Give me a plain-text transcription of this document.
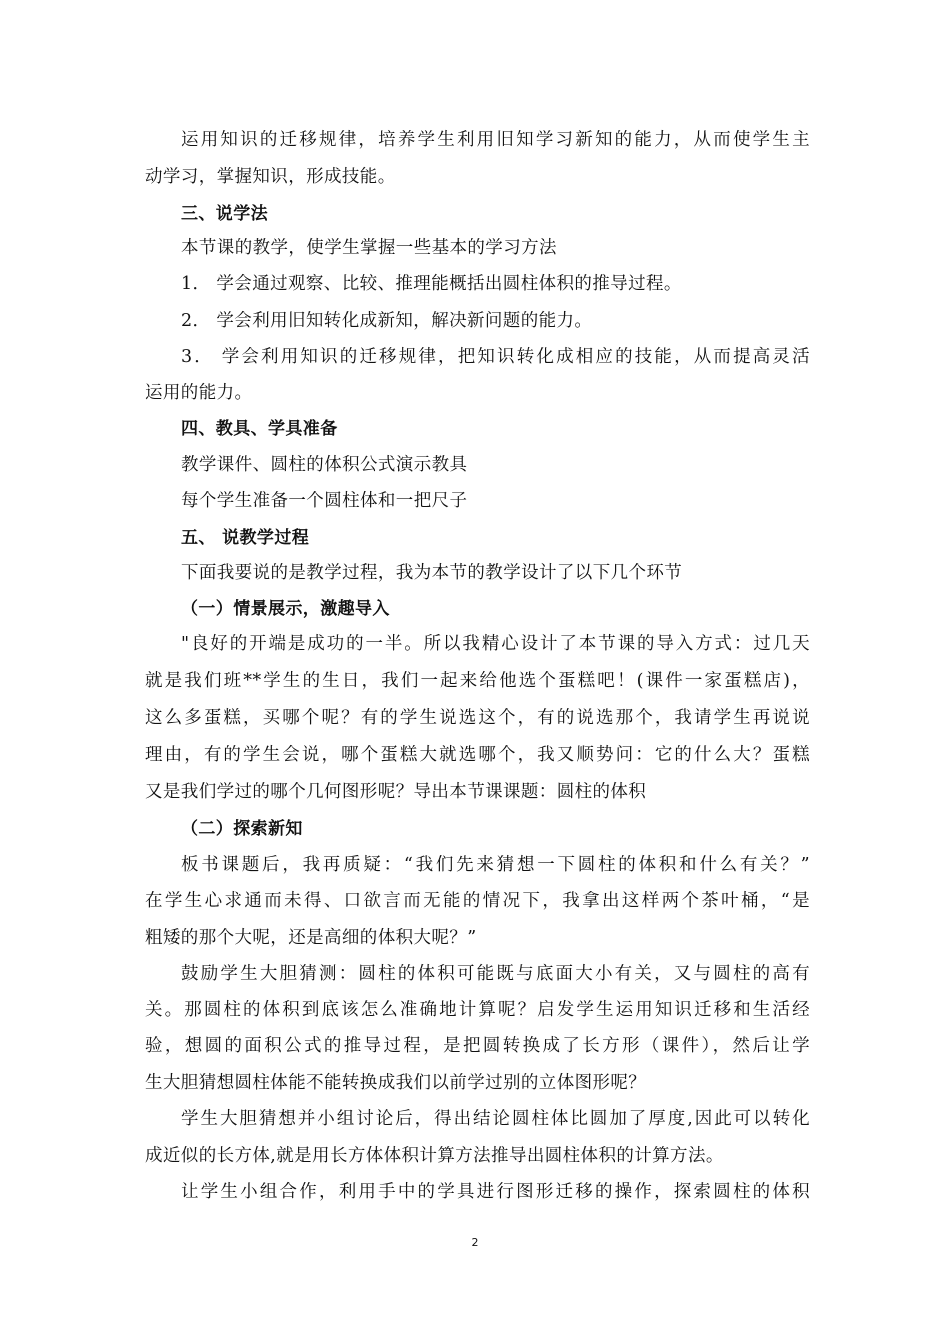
运用知识的迁移规律，培养学生利用旧知学习新知的能力，从而使学生主
动学习，掌握知识，形成技能。
三、说学法
本节课的教学，使学生掌握一些基本的学习方法
1． 学会通过观察、比较、推理能概括出圆柱体积的推导过程。
2． 学会利用旧知转化成新知，解决新问题的能力。
3． 学会利用知识的迁移规律，把知识转化成相应的技能，从而提高灵活
运用的能力。
四、教具、学具准备
教学课件、圆柱的体积公式演示教具
每个学生准备一个圆柱体和一把尺子
五、 说教学过程
下面我要说的是教学过程，我为本节的教学设计了以下几个环节
（一）情景展示，激趣导入
"良好的开端是成功的一半。所以我精心设计了本节课的导入方式：过几天
就是我们班**学生的生日，我们一起来给他选个蛋糕吧！(课件一家蛋糕店)，
这么多蛋糕，买哪个呢？有的学生说选这个，有的说选那个，我请学生再说说
理由，有的学生会说，哪个蛋糕大就选哪个，我又顺势问：它的什么大？蛋糕
又是我们学过的哪个几何图形呢？导出本节课课题：圆柱的体积
（二）探索新知
板书课题后，我再质疑：“我们先来猜想一下圆柱的体积和什么有关？”
在学生心求通而未得、口欲言而无能的情况下，我拿出这样两个茶叶桶，“是
粗矮的那个大呢，还是高细的体积大呢？”
鼓励学生大胆猜测：圆柱的体积可能既与底面大小有关，又与圆柱的高有
关。那圆柱的体积到底该怎么准确地计算呢？启发学生运用知识迁移和生活经
验，想圆的面积公式的推导过程，是把圆转换成了长方形（课件），然后让学
生大胆猜想圆柱体能不能转换成我们以前学过别的立体图形呢？
学生大胆猜想并小组讨论后，得出结论圆柱体比圆加了厚度,因此可以转化
成近似的长方体,就是用长方体体积计算方法推导出圆柱体积的计算方法。
让学生小组合作，利用手中的学具进行图形迁移的操作，探索圆柱的体积
2
